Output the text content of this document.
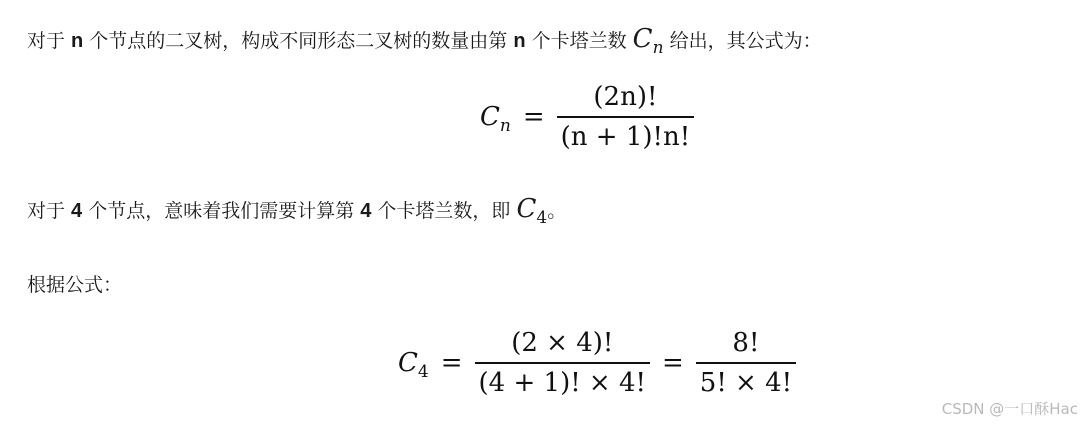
对于 n 个节点的二叉树，构成不同形态二叉树的数量由第 n 个卡塔兰数 Cn 给出，其公式为：
$C_n = \frac{(2n)!}{(n + 1)!n!}$
对于 4 个节点，意味着我们需要计算第 4 个卡塔兰数，即 C4。
根据公式：
$C_4 = \frac{(2 \times 4)!}{(4 + 1)! \times 4!} = \frac{8!}{5! \times 4!}$
CSDN @一口酥Hac
